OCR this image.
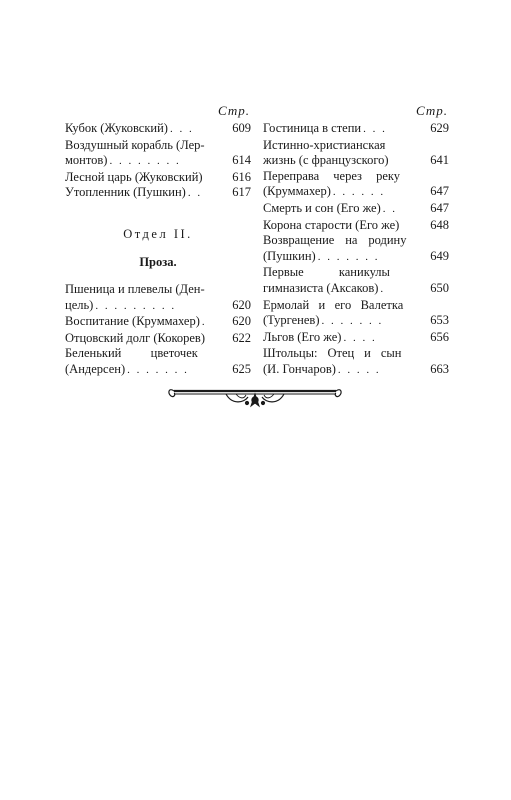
Стр.
Кубок (Жуковский) . . .	609
Воздушный корабль (Лер-
монтов) . . . . . . . .	614
Лесной царь (Жуковский)	616
Утопленник (Пушкин) . .	617
Отдел II.
Проза.
Пшеница и плевелы (Ден-
цель) . . . . . . . . .	620
Воспитание (Круммахер) .	620
Отцовский долг (Кокорев)	622
Беленький цветочек
(Андерсен) . . . . . . .	625
Стр.
Гостиница в степи . . .	629
Истинно-христианская
жизнь (с французского)	641
Переправа через реку
(Круммахер) . . . . . .	647
Смерть и сон (Его же) . .	647
Корона старости (Его же)	648
Возвращение на родину
(Пушкин) . . . . . . .	649
Первые каникулы
гимназиста (Аксаков) .	650
Ермолай и его Валетка
(Тургенев) . . . . . . .	653
Льгов (Его же) . . . .	656
Штольцы: Отец и сын
(И. Гончаров) . . . . .	663
